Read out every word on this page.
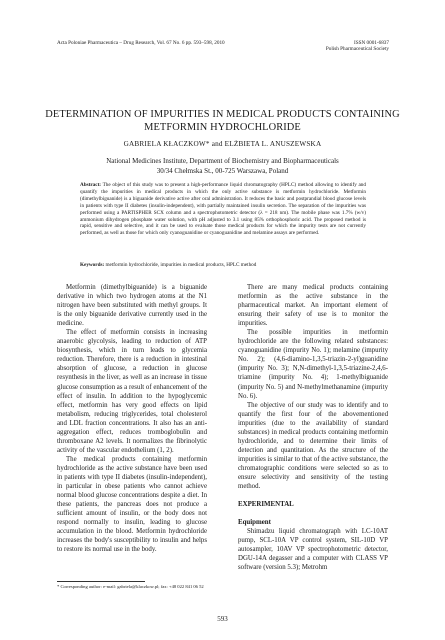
Acta Poloniae Pharmaceutica – Drug Research, Vol. 67 No. 6 pp. 593–598, 2010	ISSN 0001-6837
Polish Pharmaceutical Society
DETERMINATION OF IMPURITIES IN MEDICAL PRODUCTS CONTAINING
METFORMIN HYDROCHLORIDE
GABRIELA KŁACZKOW* and ELŻBIETA L. ANUSZEWSKA
National Medicines Institute, Department of Biochemistry and Biopharmaceuticals
30/34 Chełmska St., 00-725 Warszawa, Poland
Abstract: The object of this study was to present a high-performance liquid chromatography (HPLC) method allowing to identify and quantify the impurities in medical products in which the only active substance is metformin hydrochloride. Metformin (dimethylbiguanide) is a biguanide derivative active after oral administration. It reduces the basic and postprandial blood glucose levels in patients with type II diabetes (insulin-independent), with partially maintained insulin secretion. The separation of the impurities was performed using a PARTISPHER SCX column and a spectrophotometric detector (λ = 218 nm). The mobile phase was 1.7% (w/v) ammonium dihydrogen phosphate water solution, with pH adjusted to 3.1 using 85% orthophosphoric acid. The proposed method is rapid, sensitive and selective, and it can be used to evaluate those medical products for which the impurity tests are not currently performed, as well as those for which only cyanoguanidine or cyanoguanidine and melamine assays are performed.
Keywords: metformin hydrochloride, impurities in medical products, HPLC method

Metformin (dimethylbiguanide) is a biguanide derivative in which two hydrogen atoms at the N1 nitrogen have been substituted with methyl groups. It is the only biguanide derivative currently used in the medicine.

The effect of metformin consists in increasing anaerobic glycolysis, leading to reduction of ATP biosynthesis, which in turn leads to glycemia reduction. Therefore, there is a reduction in intestinal absorption of glucose, a reduction in glucose resynthesis in the liver, as well as an increase in tissue glucose consumption as a result of enhancement of the effect of insulin. In addition to the hypoglycemic effect, metformin has very good effects on lipid metabolism, reducing triglycerides, total cholesterol and LDL fraction concentrations. It also has an anti-aggregation effect, reduces tromboglobulin and thromboxane A2 levels. It normalizes the fibrinolytic activity of the vascular endothelium (1, 2).

The medical products containing metformin hydrochloride as the active substance have been used in patients with type II diabetes (insulin-independent), in particular in obese patients who cannot achieve normal blood glucose concentrations despite a diet. In these patients, the pancreas does not produce a sufficient amount of insulin, or the body does not respond normally to insulin, leading to glucose accumulation in the blood. Metformin hydrochloride increases the body's susceptibility to insulin and helps to restore its normal use in the body.

There are many medical products containing metformin as the active substance in the pharmaceutical market. An important element of ensuring their safety of use is to monitor the impurities.

The possible impurities in metformin hydrochloride are the following related substances: cyanoguanidine (impurity No. 1); melamine (impurity No. 2); (4,6-diamino-1,3,5-triazin-2-yl)guanidine (impurity No. 3); N,N-dimethyl-1,3,5-triazine-2,4,6-triamine (impurity No. 4); 1-methylbiguanide (impurity No. 5) and N-methylmethanamine (impurity No. 6).

The objective of our study was to identify and to quantify the first four of the abovementioned impurities (due to the availability of standard substances) in medical products containing metformin hydrochloride, and to determine their limits of detection and quantitation. As the structure of the impurities is similar to that of the active substance, the chromatographic conditions were selected so as to ensure selectivity and sensitivity of the testing method.

EXPERIMENTAL
Equipment

Shimadzu liquid chromatograph with LC-10AT pump, SCL-10A VP control system, SIL-10D VP autosampler, 10AV VP spectrophotometric detector, DGU-14A degasser and a computer with CLASS VP software (version 5.3); Metrohm

* Corresponding author: e-mail: gabriela@klaczkow.pl; fax: +48 022 841 06 52
593
